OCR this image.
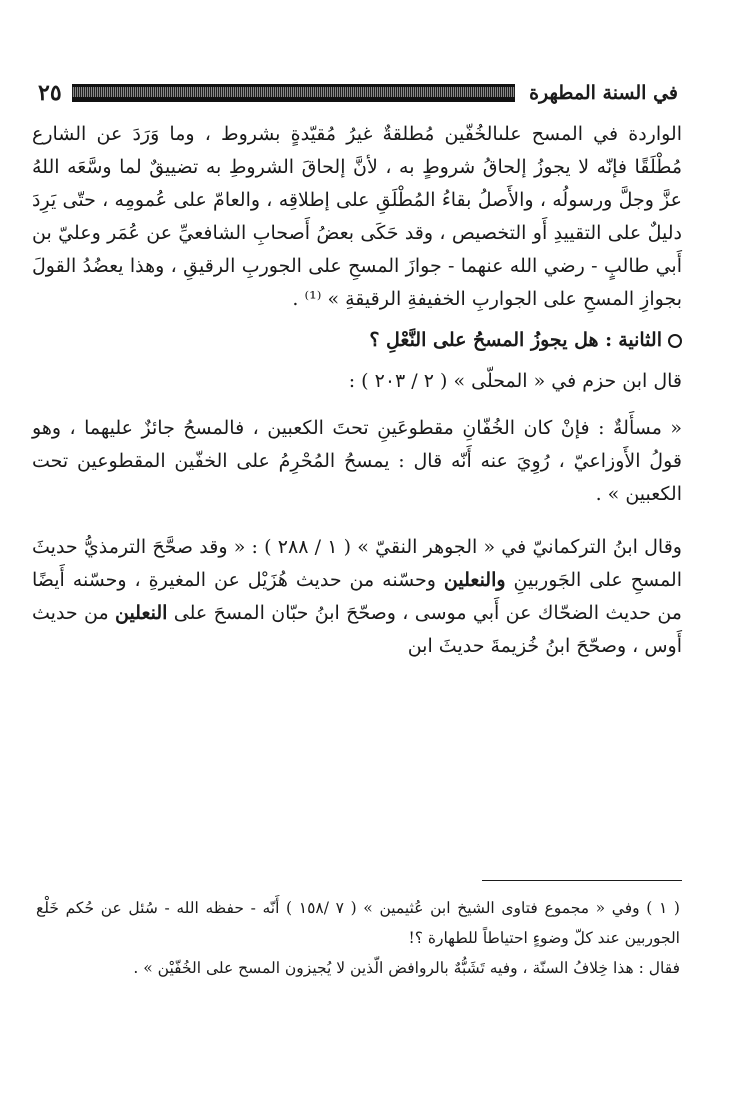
في السنة المطهرة
٢٥

الواردة في المسح علىالخُفّين مُطلقةٌ غيرُ مُقيّدةٍ بشروط ، وما وَرَدَ عن الشارع مُطْلَقًا فإنّه لا يجوزُ إلحاقُ شروطٍ به ، لأنَّ إلحاقَ الشروطِ به تضييقٌ لما وسَّعَه اللهُ عزَّ وجلَّ ورسولُه ، والأَصلُ بقاءُ المُطْلَقِ على إطلاقِه ، والعامّ على عُمومِه ، حتّى يَرِدَ دليلٌ على التقييدِ أَو التخصيص ، وقد حَكَى بعضُ أَصحابِ الشافعيِّ عن عُمَر وعليّ بن أَبي طالبٍ - رضي الله عنهما - جوازَ المسحِ على الجوربِ الرقيقِ ، وهذا يعضُدُ القولَ بجوازِ المسحِ على الجواربِ الخفيفةِ الرقيقةِ » ⁽¹⁾ .

الثانية : هل يجوزُ المسحُ على النَّعْلِ ؟

قال ابن حزم في « المحلّى » ( ٢ / ٢٠٣ ) :

« مسأَلةٌ : فإنْ كان الخُفّانِ مقطوعَينِ تحتَ الكعبين ، فالمسحُ جائزٌ عليهما ، وهو قولُ الأَوزاعيّ ، رُوِيَ عنه أَنّه قال : يمسحُ المُحْرِمُ على الخفّين المقطوعين تحت الكعبين » .

وقال ابنُ التركمانيّ في « الجوهر النقيّ » ( ١ / ٢٨٨ ) : « وقد صحَّحَ الترمذيُّ حديثَ المسحِ على الجَوربينِ والنعلين وحسّنه من حديث هُزَيْل عن المغيرةِ ، وحسّنه أَيضًا من حديث الضحّاك عن أَبي موسى ، وصحّحَ ابنُ حبّان المسحَ على النعلين من حديث أَوس ، وصحّحَ ابنُ خُزيمةَ حديثَ ابن

( ١ ) وفي « مجموع فتاوى الشيخ ابن عُثيمين » ( ٧ /١٥٨ ) أَنّه - حفظه الله - سُئل عن حُكم خَلْع الجوربين عند كلّ وضوءٍ احتياطاً للطهارة ؟!

فقال : هذا خِلافُ السنّة ، وفيه تَشَبُّهٌ بالروافض الّذين لا يُجيزون المسح على الخُفّيْن » .
